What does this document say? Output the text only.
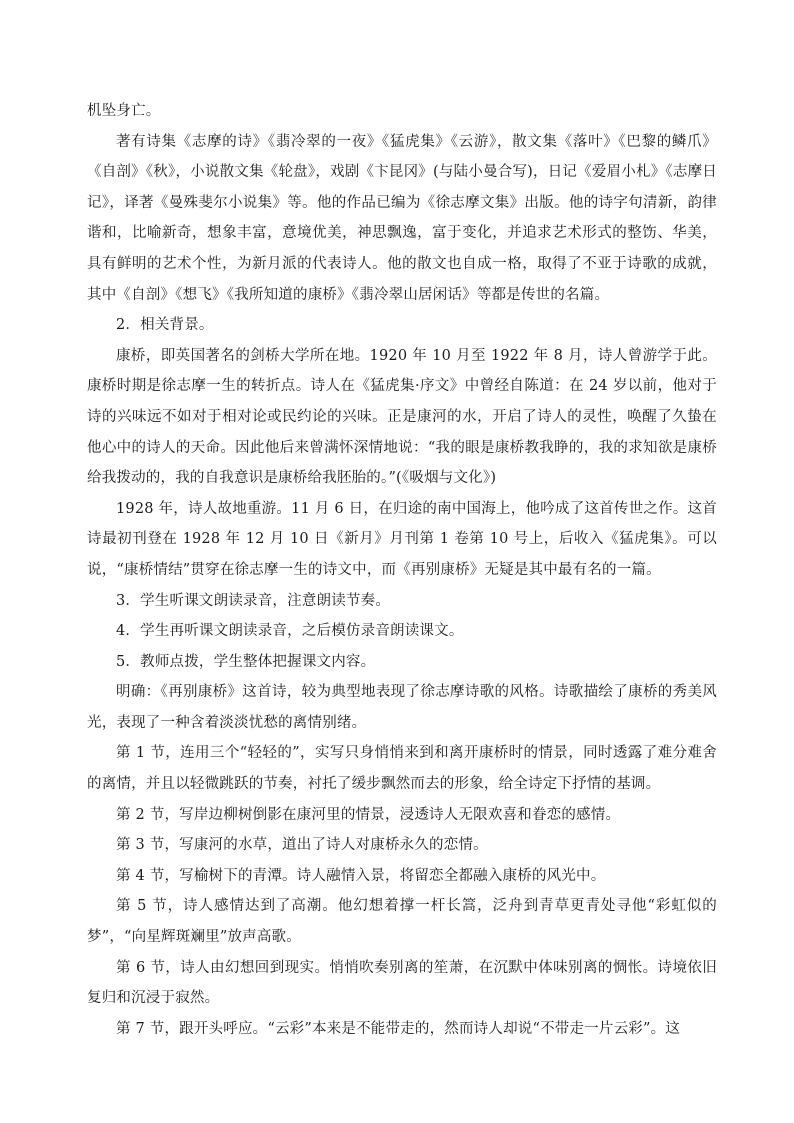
机坠身亡。

著有诗集《志摩的诗》《翡冷翠的一夜》《猛虎集》《云游》，散文集《落叶》《巴黎的鳞爪》《自剖》《秋》，小说散文集《轮盘》，戏剧《卞昆冈》(与陆小曼合写)，日记《爱眉小札》《志摩日记》，译著《曼殊斐尔小说集》等。他的作品已编为《徐志摩文集》出版。他的诗字句清新，韵律谐和，比喻新奇，想象丰富，意境优美，神思飘逸，富于变化，并追求艺术形式的整饬、华美，具有鲜明的艺术个性，为新月派的代表诗人。他的散文也自成一格，取得了不亚于诗歌的成就，其中《自剖》《想飞》《我所知道的康桥》《翡冷翠山居闲话》等都是传世的名篇。

2．相关背景。

康桥，即英国著名的剑桥大学所在地。1920 年 10 月至 1922 年 8 月，诗人曾游学于此。康桥时期是徐志摩一生的转折点。诗人在《猛虎集·序文》中曾经自陈道：在 24 岁以前，他对于诗的兴味远不如对于相对论或民约论的兴味。正是康河的水，开启了诗人的灵性，唤醒了久蛰在他心中的诗人的天命。因此他后来曾满怀深情地说：“我的眼是康桥教我睁的，我的求知欲是康桥给我拨动的，我的自我意识是康桥给我胚胎的。”(《吸烟与文化》)

1928 年，诗人故地重游。11 月 6 日，在归途的南中国海上，他吟成了这首传世之作。这首诗最初刊登在 1928 年 12 月 10 日《新月》月刊第 1 卷第 10 号上，后收入《猛虎集》。可以说，“康桥情结”贯穿在徐志摩一生的诗文中，而《再别康桥》无疑是其中最有名的一篇。

3．学生听课文朗读录音，注意朗读节奏。

4．学生再听课文朗读录音，之后模仿录音朗读课文。

5．教师点拨，学生整体把握课文内容。

明确：《再别康桥》这首诗，较为典型地表现了徐志摩诗歌的风格。诗歌描绘了康桥的秀美风光，表现了一种含着淡淡忧愁的离情别绪。

第 1 节，连用三个“轻轻的”，实写只身悄悄来到和离开康桥时的情景，同时透露了难分难舍的离情，并且以轻微跳跃的节奏，衬托了缓步飘然而去的形象，给全诗定下抒情的基调。

第 2 节，写岸边柳树倒影在康河里的情景，浸透诗人无限欢喜和眷恋的感情。

第 3 节，写康河的水草，道出了诗人对康桥永久的恋情。

第 4 节，写榆树下的青潭。诗人融情入景，将留恋全都融入康桥的风光中。

第 5 节，诗人感情达到了高潮。他幻想着撑一杆长篙，泛舟到青草更青处寻他“彩虹似的梦”，“向星辉斑斓里”放声高歌。

第 6 节，诗人由幻想回到现实。悄悄吹奏别离的笙萧，在沉默中体味别离的惆怅。诗境依旧复归和沉浸于寂然。

第 7 节，跟开头呼应。“云彩”本来是不能带走的，然而诗人却说“不带走一片云彩”。这
